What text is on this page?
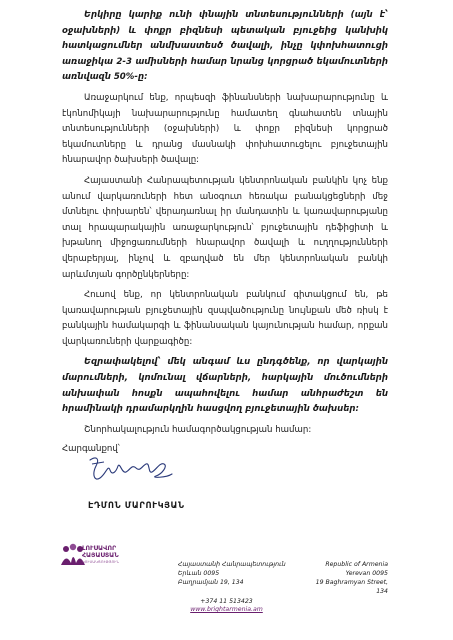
Երկիրը կարիք ունի փնային տնտեսությունների (այն է՝ օջախների) և փոքր բիզնեսի պետական բյուջեից կանխիկ հատկացումներ անմխաստեսծ ծավալի, ինչը կփոխհատուցի առաջիկա 2-3 ամիսների համար նրանց կորցրած եկամուտների առնվազն 50%-ը:

Առաջարկում ենք, որպեսզի ֆինանսների նախարարությունը և էկոնոմիկայի նախարարությունը համատեղ գնահատեն տնային տնտեսությունների (օջախների) և փոքր բիզնեսի կորցրած եկամուտները և դրանց մասնակի փոխհատուցելու բյուջետային հնարավոր ծախսերի ծավալը:

Հայաստանի Հանրապետության կենտրոնական բանկին կոչ ենք անում վարկառուների հետ անօգուտ հեռակա բանակցեցների մեջ մտնելու փոխարեն՝ վերադառնալ իր մանդատին և կառավարությանը տալ հրապարակային առաջարկություն՝ բյուջետային դեֆիցիտի և խթանող միջոցառումների հնարավոր ծավալի և ուղղությունների վերաբերյալ, ինչով և զբաղված են մեր կենտրոնական բանկի արևմտյան գործընկերները:

Հուսով ենք, որ կենտրոնական բանկում գիտակցում են, թե կառավարության բյուջետային զսպվածությունը նույնքան մեծ ռիսկ է բանկային համակարգի և ֆինանսական կայունության համար, որքան վարկառուների վարքագիծը:

Եզրափակելով՝ մեկ անգամ ևս ընդգծենք, որ վարկային մարումների, կոմունալ վճարների, հարկային մուծումների անխափան հոսքն ապահովելու համար անհրաժեշտ են հրամինակի դրամարկղին հասցվող բյուջետային ծախսեր:

Շնորհակալություն համագործակցության համար:

Հարգանքով՝

ԷԴՄՈՆ ՄԱՐՈՒԿՅԱՆ
ԼՈՒՍԱՎՈՐ
ՀԱՅԱՍՏԱՆ
ԿՈՒՍԱԿՑՈՒԹՅՈՒՆ	Հայաստանի Հանրապետություն
Երևան 0095
Բաղրամյան 19, 134
Republic of Armenia
Yerevan 0095
19 Baghramyan Street, 134
+374 11 513423
www.brightarmenia.am
